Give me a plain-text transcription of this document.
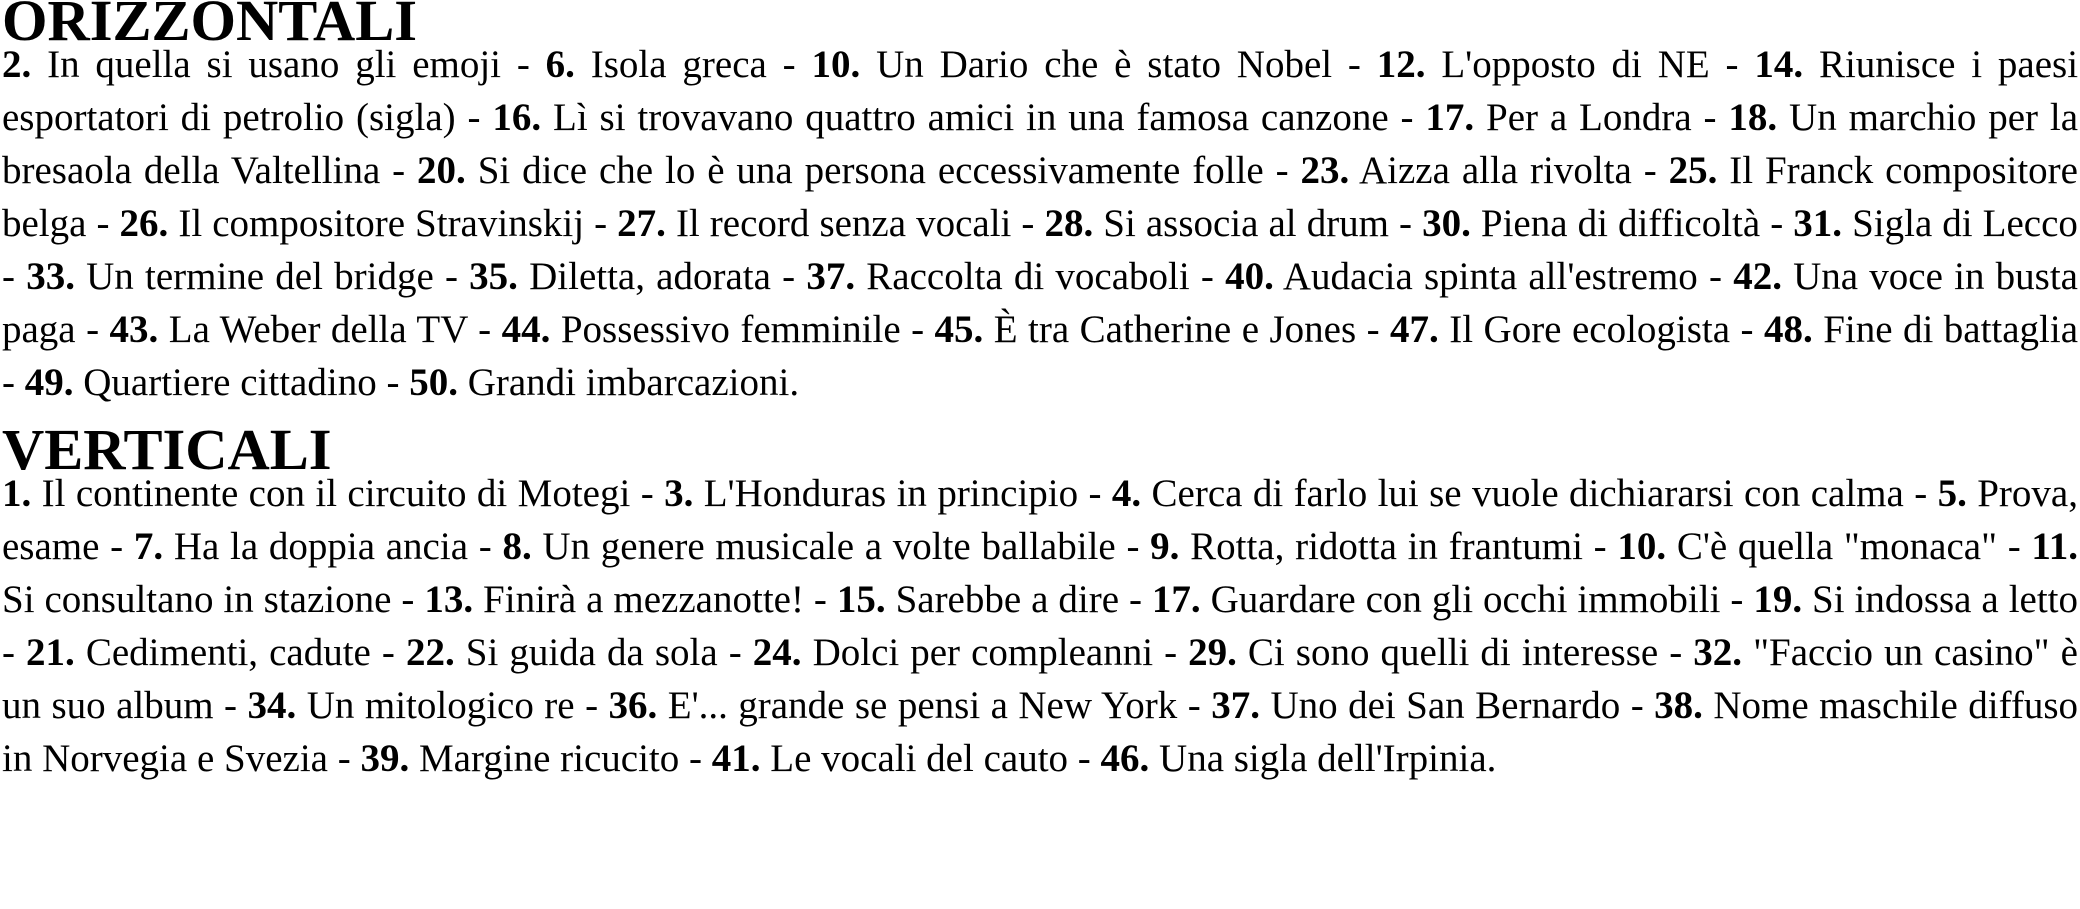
ORIZZONTALI

2. In quella si usano gli emoji - 6. Isola greca - 10. Un Dario che è stato Nobel - 12. L'opposto di NE - 14. Riunisce i paesi esportatori di petrolio (sigla) - 16. Lì si trovavano quattro amici in una famosa canzone - 17. Per a Londra - 18. Un marchio per la bresaola della Valtellina - 20. Si dice che lo è una persona eccessivamente folle - 23. Aizza alla rivolta - 25. Il Franck compositore belga - 26. Il compositore Stravinskij - 27. Il record senza vocali - 28. Si associa al drum - 30. Piena di difficoltà - 31. Sigla di Lecco - 33. Un termine del bridge - 35. Diletta, adorata - 37. Raccolta di vocaboli - 40. Audacia spinta all'estremo - 42. Una voce in busta paga - 43. La Weber della TV - 44. Possessivo femminile - 45. È tra Catherine e Jones - 47. Il Gore ecologista - 48. Fine di battaglia - 49. Quartiere cittadino - 50. Grandi imbarcazioni.

VERTICALI

1. Il continente con il circuito di Motegi - 3. L'Honduras in principio - 4. Cerca di farlo lui se vuole dichiararsi con calma - 5. Prova, esame - 7. Ha la doppia ancia - 8. Un genere musicale a volte ballabile - 9. Rotta, ridotta in frantumi - 10. C'è quella "monaca" - 11. Si consultano in stazione - 13. Finirà a mezzanotte! - 15. Sarebbe a dire - 17. Guardare con gli occhi immobili - 19. Si indossa a letto - 21. Cedimenti, cadute - 22. Si guida da sola - 24. Dolci per compleanni - 29. Ci sono quelli di interesse - 32. "Faccio un casino" è un suo album - 34. Un mitologico re - 36. E'... grande se pensi a New York - 37. Uno dei San Bernardo - 38. Nome maschile diffuso in Norvegia e Svezia - 39. Margine ricucito - 41. Le vocali del cauto - 46. Una sigla dell'Irpinia.
